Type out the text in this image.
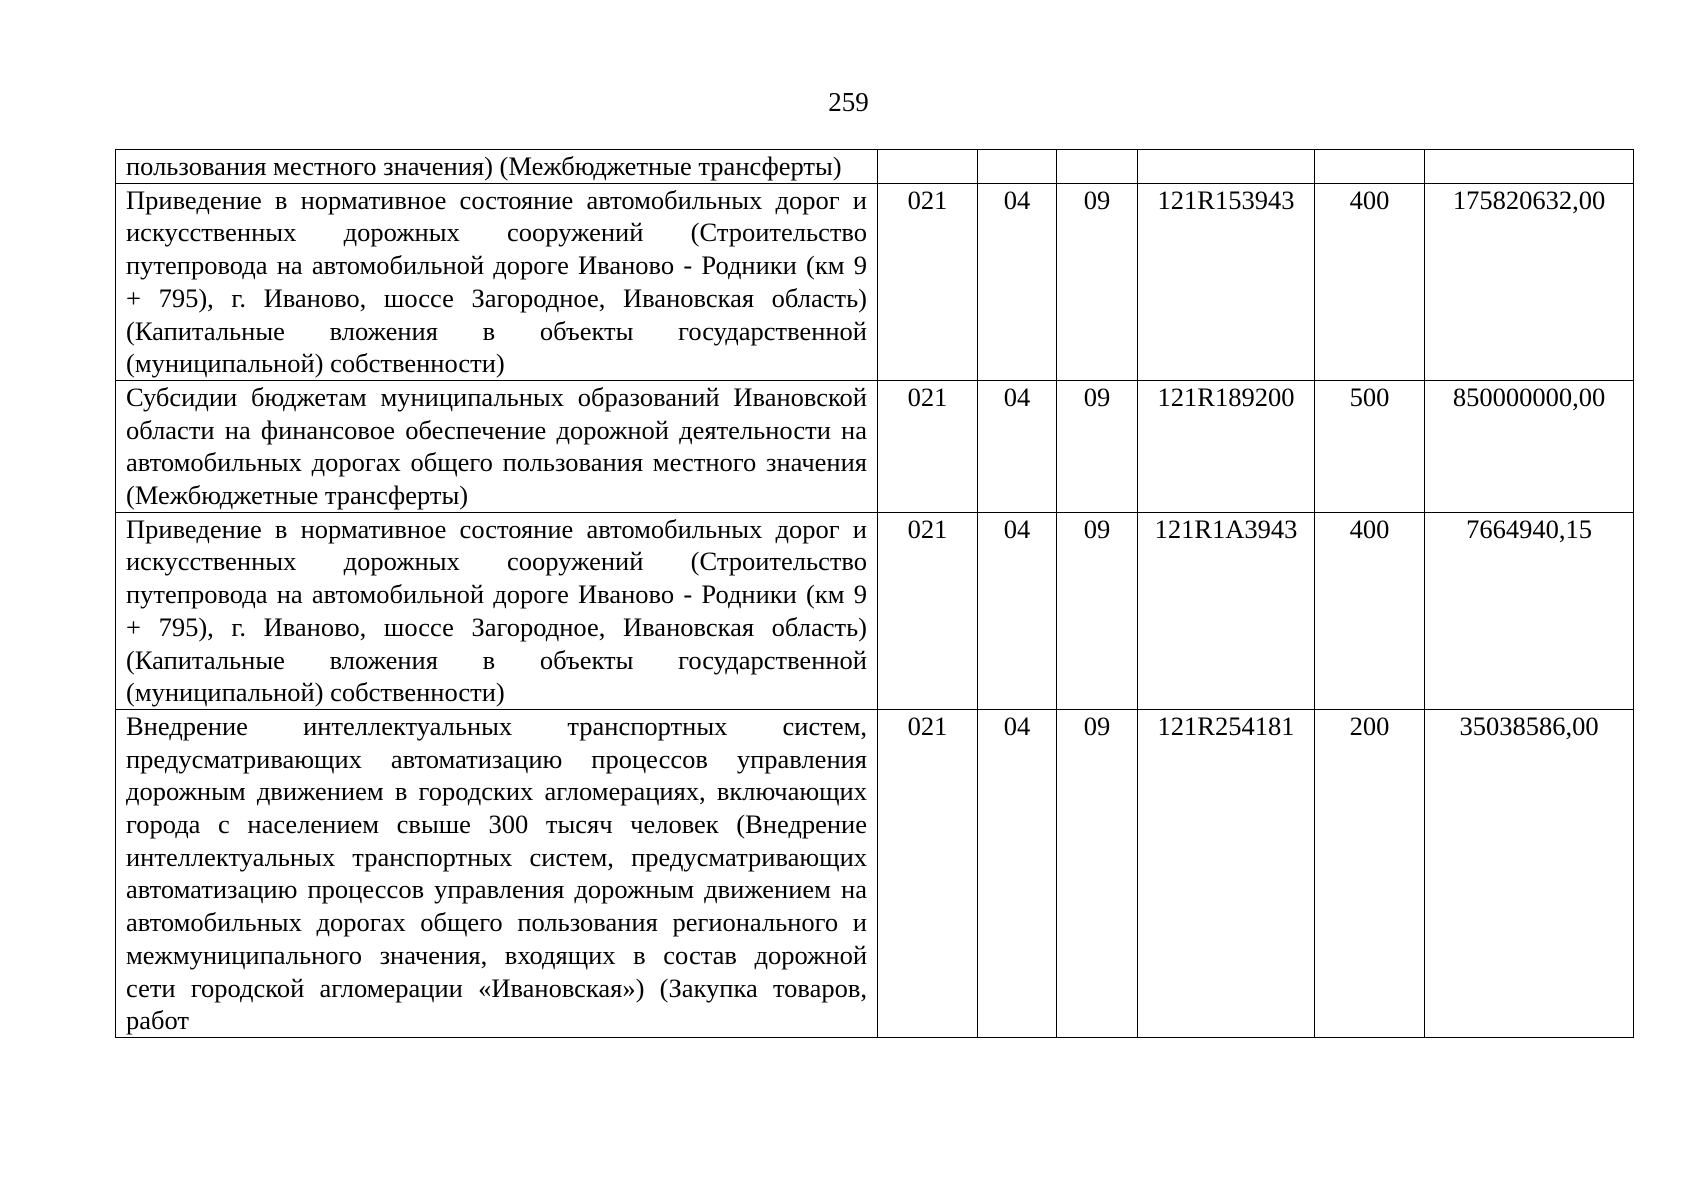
259
пользования местного значения) (Межбюджетные трансферты)						
Приведение в нормативное состояние автомобильных дорог и искусственных дорожных сооружений (Строительство путепровода на автомобильной дороге Иваново - Родники (км 9 + 795), г. Иваново, шоссе Загородное, Ивановская область) (Капитальные вложения в объекты государственной (муниципальной) собственности)	021	04	09	121R153943	400	175820632,00
Субсидии бюджетам муниципальных образований Ивановской области на финансовое обеспечение дорожной деятельности на автомобильных дорогах общего пользования местного значения (Межбюджетные трансферты)	021	04	09	121R189200	500	850000000,00
Приведение в нормативное состояние автомобильных дорог и искусственных дорожных сооружений (Строительство путепровода на автомобильной дороге Иваново - Родники (км 9 + 795), г. Иваново, шоссе Загородное, Ивановская область) (Капитальные вложения в объекты государственной (муниципальной) собственности)	021	04	09	121R1A3943	400	7664940,15
Внедрение интеллектуальных транспортных систем, предусматривающих автоматизацию процессов управления дорожным движением в городских агломерациях, включающих города с населением свыше 300 тысяч человек (Внедрение интеллектуальных транспортных систем, предусматривающих автоматизацию процессов управления дорожным движением на автомобильных дорогах общего пользования регионального и межмуниципального значения, входящих в состав дорожной сети городской агломерации «Ивановская») (Закупка товаров, работ	021	04	09	121R254181	200	35038586,00
